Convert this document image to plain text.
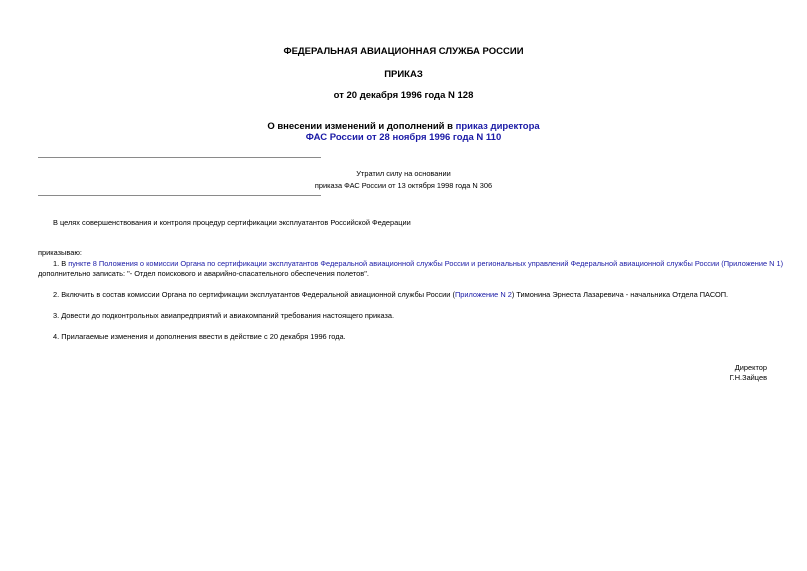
ФЕДЕРАЛЬНАЯ АВИАЦИОННАЯ СЛУЖБА РОССИИ
ПРИКАЗ
от 20 декабря 1996 года N 128
О внесении изменений и дополнений в приказ директора
ФАС России от 28 ноября 1996 года N 110
Утратил силу на основании
приказа ФАС России от 13 октября 1998 года N 306
В целях совершенствования и контроля процедур сертификации эксплуатантов Российской Федерации
приказываю:
1. В пункте 8 Положения о комиссии Органа по сертификации эксплуатантов Федеральной авиационной службы России и региональных управлений Федеральной авиационной службы России (Приложение N 1)
дополнительно записать: "- Отдел поискового и аварийно-спасательного обеспечения полетов".
2. Включить в состав комиссии Органа по сертификации эксплуатантов Федеральной авиационной службы России (Приложение N 2) Тимонина Эрнеста Лазаревича - начальника Отдела ПАСОП.
3. Довести до подконтрольных авиапредприятий и авиакомпаний требования настоящего приказа.
4. Прилагаемые изменения и дополнения ввести в действие с 20 декабря 1996 года.
Директор
Г.Н.Зайцев
